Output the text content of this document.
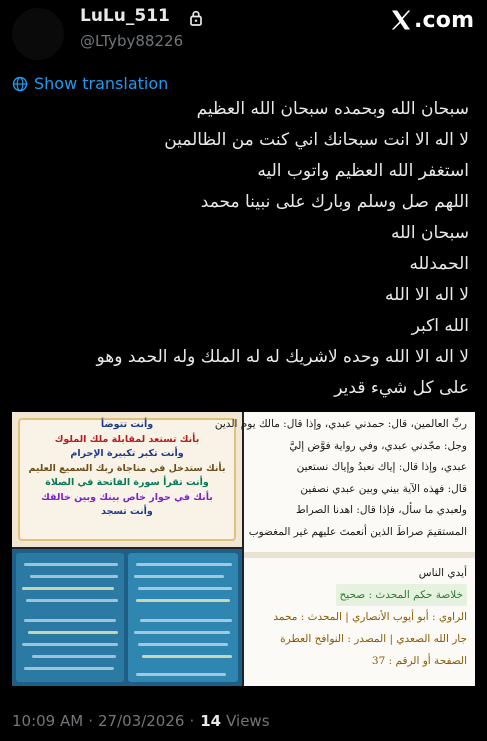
LuLu_511
@LTyby88226
.com
Show translation
سبحان الله وبحمده سبحان الله العظيم
لا اله الا انت سبحانك اني كنت من الظالمين
استغفر الله العظيم واتوب اليه
اللهم صل وسلم وبارك على نبينا محمد
سبحان الله
الحمدلله
لا اله الا الله
الله اكبر
لا اله الا الله وحده لاشريك له له الملك وله الحمد وهو
على كل شيء قدير
وأنت تتوضأ
بأنك تستعد لمقابلة ملك الملوك
وأنت تكبر تكبيرة الإحرام
بأنك ستدخل في مناجاة ربك السميع العليم
وأنت تقرأ سورة الفاتحة في الصلاة
بأنك في حوار خاص بينك وبين خالقك
وأنت تسجد
ربِّ العالمين، قال: حمدني عبدي، وإذا قال: مالك يوم الدين
وجل: مجّدني عبدي، وفي رواية فوَّض إليَّ
عبدي، وإذا قال: إياك نعبدُ وإياك نستعين
قال: فهذه الآية بيني وبين عبدي نصفين
ولعبدي ما سأل، فإذا قال: اهدنا الصراط
المستقيمَ صراطَ الذين أنعمتَ عليهم غير المغضوب
أيدي الناس
خلاصة حكم المحدث : صحيح
الراوي : أبو أيوب الأنصاري | المحدث : محمد
جار الله الصعدي | المصدر : النوافح العطرة
الصفحة أو الرقم : 37
10:09 AM · 27/03/2026 · 14 Views
